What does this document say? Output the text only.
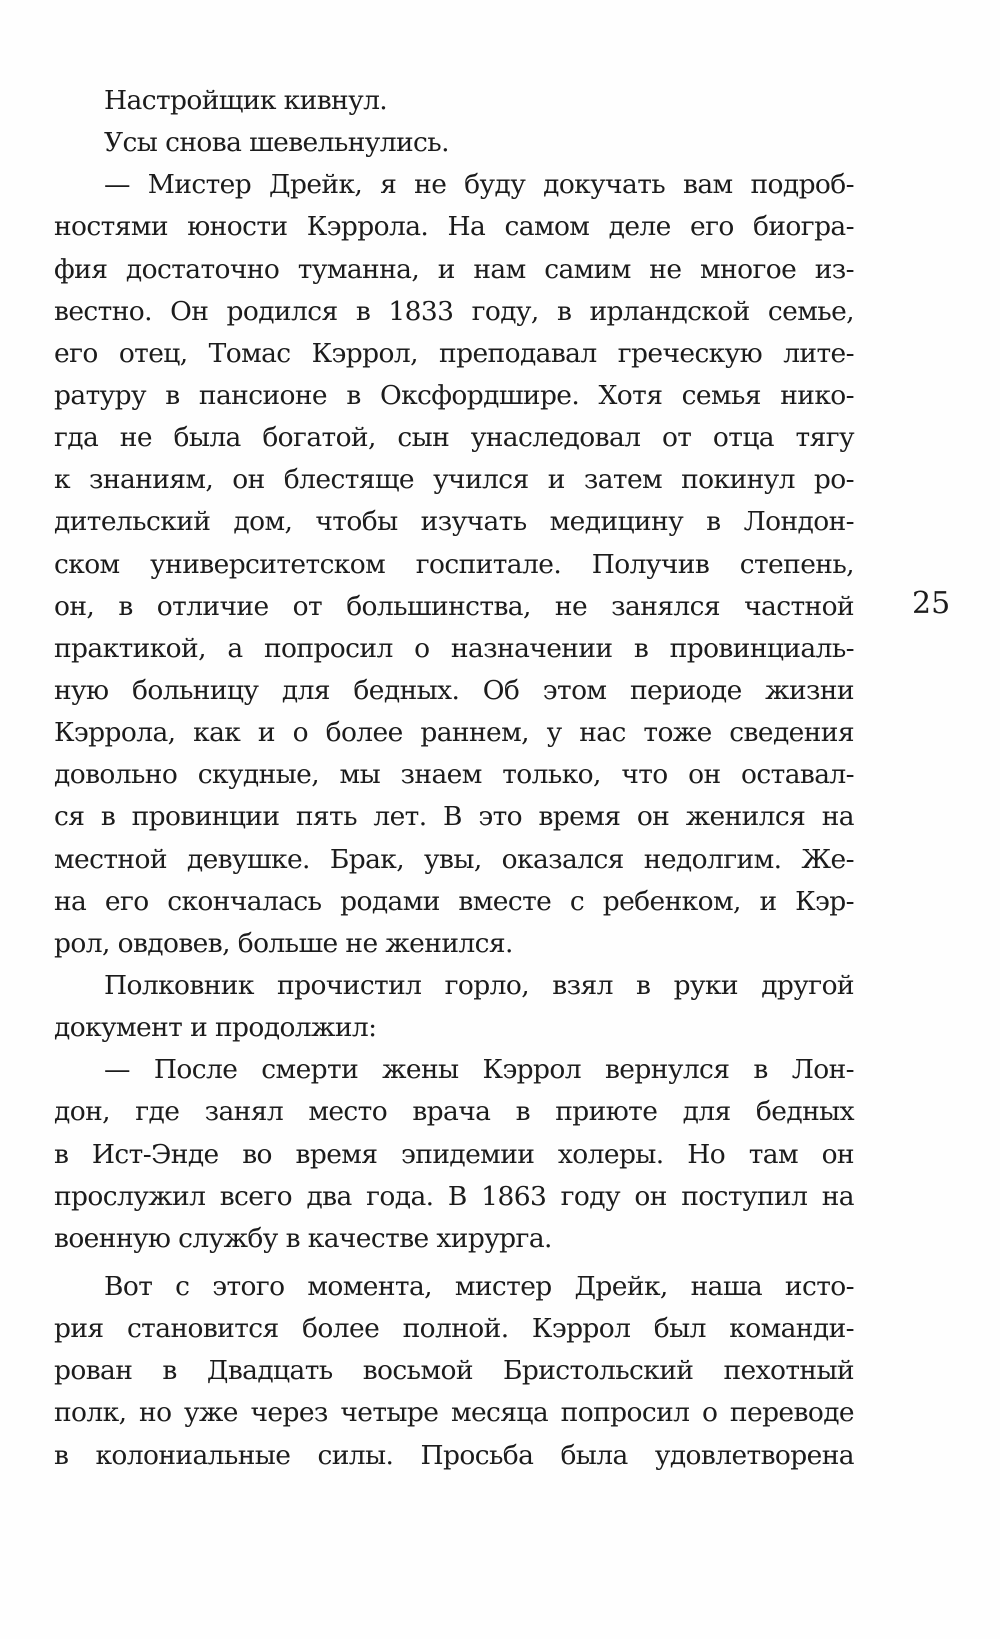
Настройщик кивнул.
Усы снова шевельнулись.
— Мистер Дрейк, я не буду докучать вам подроб-
ностями юности Кэррола. На самом деле его биогра-
фия достаточно туманна, и нам самим не многое из-
вестно. Он родился в 1833 году, в ирландской семье,
его отец, Томас Кэррол, преподавал греческую лите-
ратуру в пансионе в Оксфордшире. Хотя семья нико-
гда не была богатой, сын унаследовал от отца тягу
к знаниям, он блестяще учился и затем покинул ро-
дительский дом, чтобы изучать медицину в Лондон-
ском университетском госпитале. Получив степень,
он, в отличие от большинства, не занялся частной
практикой, а попросил о назначении в провинциаль-
ную больницу для бедных. Об этом периоде жизни
Кэррола, как и о более раннем, у нас тоже сведения
довольно скудные, мы знаем только, что он оставал-
ся в провинции пять лет. В это время он женился на
местной девушке. Брак, увы, оказался недолгим. Же-
на его скончалась родами вместе с ребенком, и Кэр-
рол, овдовев, больше не женился.
Полковник прочистил горло, взял в руки другой
документ и продолжил:
— После смерти жены Кэррол вернулся в Лон-
дон, где занял место врача в приюте для бедных
в Ист-Энде во время эпидемии холеры. Но там он
прослужил всего два года. В 1863 году он поступил на
военную службу в качестве хирурга.
Вот с этого момента, мистер Дрейк, наша исто-
рия становится более полной. Кэррол был команди-
рован в Двадцать восьмой Бристольский пехотный
полк, но уже через четыре месяца попросил о переводе
в колониальные силы. Просьба была удовлетворена
25
